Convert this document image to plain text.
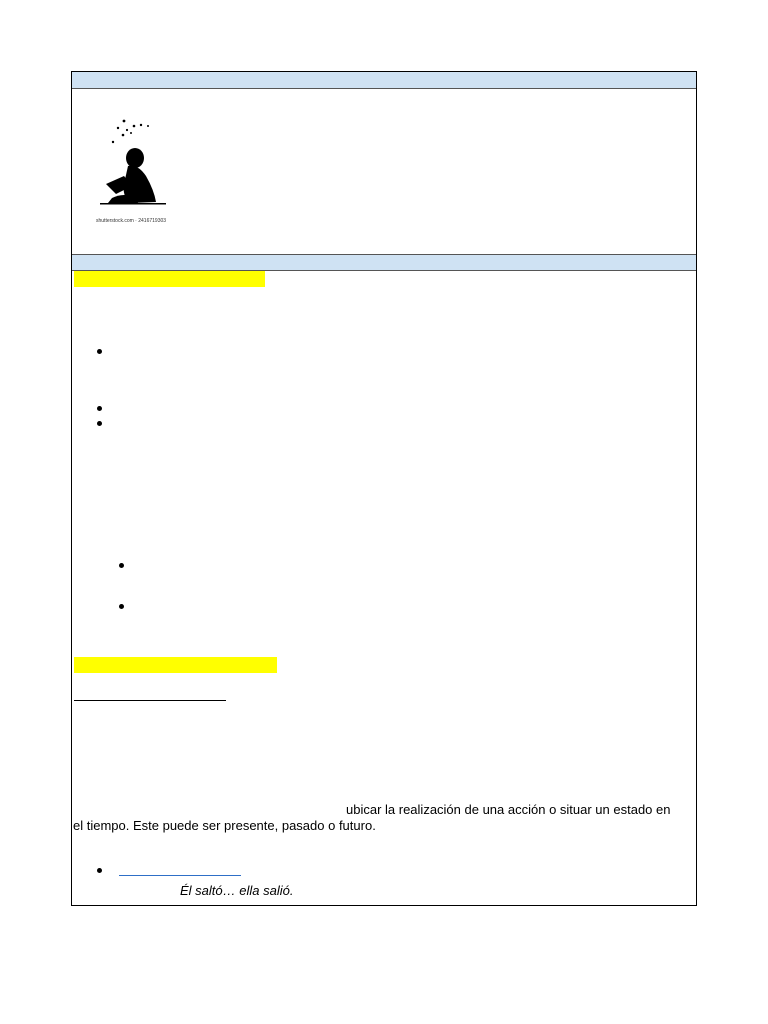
shutterstock.com · 2416719303
ubicar la realización de una acción o situar un estado en
el tiempo. Este puede ser presente, pasado o futuro.
Él saltó… ella salió.
